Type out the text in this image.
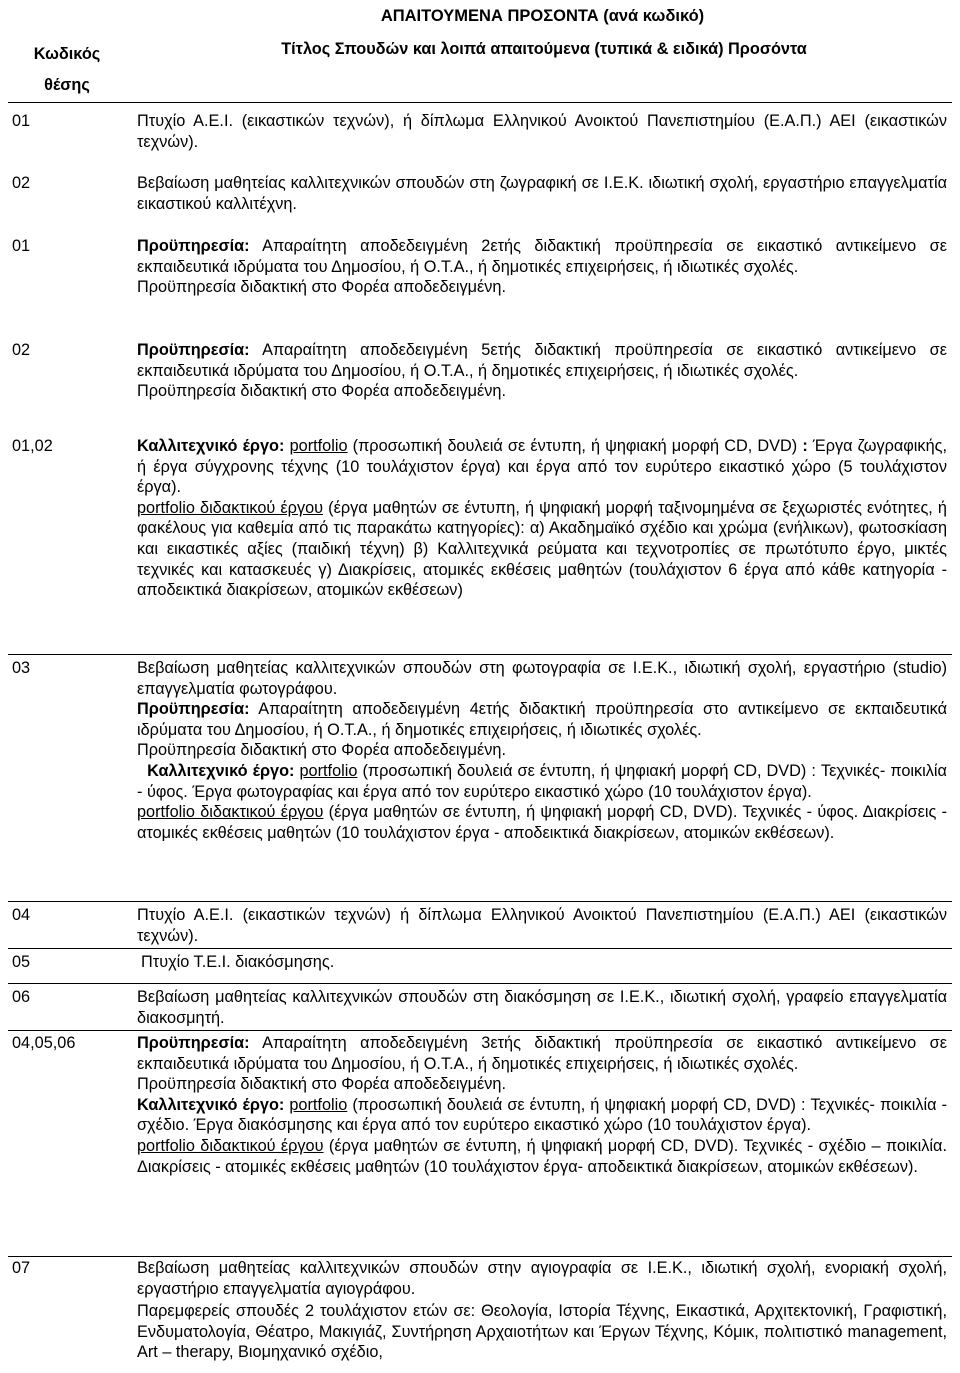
ΑΠΑΙΤΟΥΜΕΝΑ ΠΡΟΣΟΝΤΑ (ανά κωδικό)
Κωδικός θέσης
Τίτλος Σπουδών και λοιπά απαιτούμενα (τυπικά & ειδικά) Προσόντα
01	Πτυχίο Α.Ε.Ι. (εικαστικών τεχνών), ή δίπλωμα Ελληνικού Ανοικτού Πανεπιστημίου (Ε.Α.Π.) ΑΕΙ (εικαστικών τεχνών).
02	Βεβαίωση μαθητείας καλλιτεχνικών σπουδών στη ζωγραφική σε Ι.Ε.Κ. ιδιωτική σχολή, εργαστήριο επαγγελματία εικαστικού καλλιτέχνη.
01	Προϋπηρεσία: Απαραίτητη αποδεδειγμένη 2ετής διδακτική προϋπηρεσία σε εικαστικό αντικείμενο σε εκπαιδευτικά ιδρύματα του Δημοσίου, ή Ο.Τ.Α., ή δημοτικές επιχειρήσεις, ή ιδιωτικές σχολές.
Προϋπηρεσία διδακτική στο Φορέα αποδεδειγμένη.
02	Προϋπηρεσία: Απαραίτητη αποδεδειγμένη 5ετής διδακτική προϋπηρεσία σε εικαστικό αντικείμενο σε εκπαιδευτικά ιδρύματα του Δημοσίου, ή Ο.Τ.Α., ή δημοτικές επιχειρήσεις, ή ιδιωτικές σχολές.
Προϋπηρεσία διδακτική στο Φορέα αποδεδειγμένη.
01,02	Καλλιτεχνικό έργο: portfolio (προσωπική δουλειά σε έντυπη, ή ψηφιακή μορφή CD, DVD) : Έργα ζωγραφικής, ή έργα σύγχρονης τέχνης (10 τουλάχιστον έργα) και έργα από τον ευρύτερο εικαστικό χώρο (5 τουλάχιστον έργα).
portfolio διδακτικού έργου (έργα μαθητών σε έντυπη, ή ψηφιακή μορφή ταξινομημένα σε ξεχωριστές ενότητες, ή φακέλους για καθεμία από τις παρακάτω κατηγορίες): α) Ακαδημαϊκό σχέδιο και χρώμα (ενήλικων), φωτοσκίαση και εικαστικές αξίες (παιδική τέχνη) β) Καλλιτεχνικά ρεύματα και τεχνοτροπίες σε πρωτότυπο έργο, μικτές τεχνικές και κατασκευές γ) Διακρίσεις, ατομικές εκθέσεις μαθητών (τουλάχιστον 6 έργα από κάθε κατηγορία - αποδεικτικά διακρίσεων, ατομικών εκθέσεων)
03	Βεβαίωση μαθητείας καλλιτεχνικών σπουδών στη φωτογραφία σε Ι.Ε.Κ., ιδιωτική σχολή, εργαστήριο (studio) επαγγελματία φωτογράφου.
Προϋπηρεσία: Απαραίτητη αποδεδειγμένη 4ετής διδακτική προϋπηρεσία στο αντικείμενο σε εκπαιδευτικά ιδρύματα του Δημοσίου, ή Ο.Τ.Α., ή δημοτικές επιχειρήσεις, ή ιδιωτικές σχολές.
Προϋπηρεσία διδακτική στο Φορέα αποδεδειγμένη.
Καλλιτεχνικό έργο: portfolio (προσωπική δουλειά σε έντυπη, ή ψηφιακή μορφή CD, DVD) : Τεχνικές- ποικιλία - ύφος. Έργα φωτογραφίας και έργα από τον ευρύτερο εικαστικό χώρο (10 τουλάχιστον έργα).
portfolio διδακτικού έργου (έργα μαθητών σε έντυπη, ή ψηφιακή μορφή CD, DVD). Τεχνικές - ύφος. Διακρίσεις - ατομικές εκθέσεις μαθητών (10 τουλάχιστον έργα - αποδεικτικά διακρίσεων, ατομικών εκθέσεων).
04	Πτυχίο Α.Ε.Ι. (εικαστικών τεχνών) ή δίπλωμα Ελληνικού Ανοικτού Πανεπιστημίου (Ε.Α.Π.) ΑΕΙ (εικαστικών τεχνών).
05	Πτυχίο Τ.Ε.Ι. διακόσμησης.
06	Βεβαίωση μαθητείας καλλιτεχνικών σπουδών στη διακόσμηση σε Ι.Ε.Κ., ιδιωτική σχολή, γραφείο επαγγελματία διακοσμητή.
04,05,06	Προϋπηρεσία: Απαραίτητη αποδεδειγμένη 3ετής διδακτική προϋπηρεσία σε εικαστικό αντικείμενο σε εκπαιδευτικά ιδρύματα του Δημοσίου, ή Ο.Τ.Α., ή δημοτικές επιχειρήσεις, ή ιδιωτικές σχολές.
Προϋπηρεσία διδακτική στο Φορέα αποδεδειγμένη.
Καλλιτεχνικό έργο: portfolio (προσωπική δουλειά σε έντυπη, ή ψηφιακή μορφή CD, DVD) : Τεχνικές- ποικιλία - σχέδιο. Έργα διακόσμησης και έργα από τον ευρύτερο εικαστικό χώρο (10 τουλάχιστον έργα).
portfolio διδακτικού έργου (έργα μαθητών σε έντυπη, ή ψηφιακή μορφή CD, DVD). Τεχνικές - σχέδιο – ποικιλία. Διακρίσεις - ατομικές εκθέσεις μαθητών (10 τουλάχιστον έργα- αποδεικτικά διακρίσεων, ατομικών εκθέσεων).
07	Βεβαίωση μαθητείας καλλιτεχνικών σπουδών στην αγιογραφία σε Ι.Ε.Κ., ιδιωτική σχολή, ενοριακή σχολή, εργαστήριο επαγγελματία αγιογράφου.
Παρεμφερείς σπουδές 2 τουλάχιστον ετών σε: Θεολογία, Ιστορία Τέχνης, Εικαστικά, Αρχιτεκτονική, Γραφιστική, Ενδυματολογία, Θέατρο, Μακιγιάζ, Συντήρηση Αρχαιοτήτων και Έργων Τέχνης, Κόμικ, πολιτιστικό management, Art – therapy, Βιομηχανικό σχέδιο,
